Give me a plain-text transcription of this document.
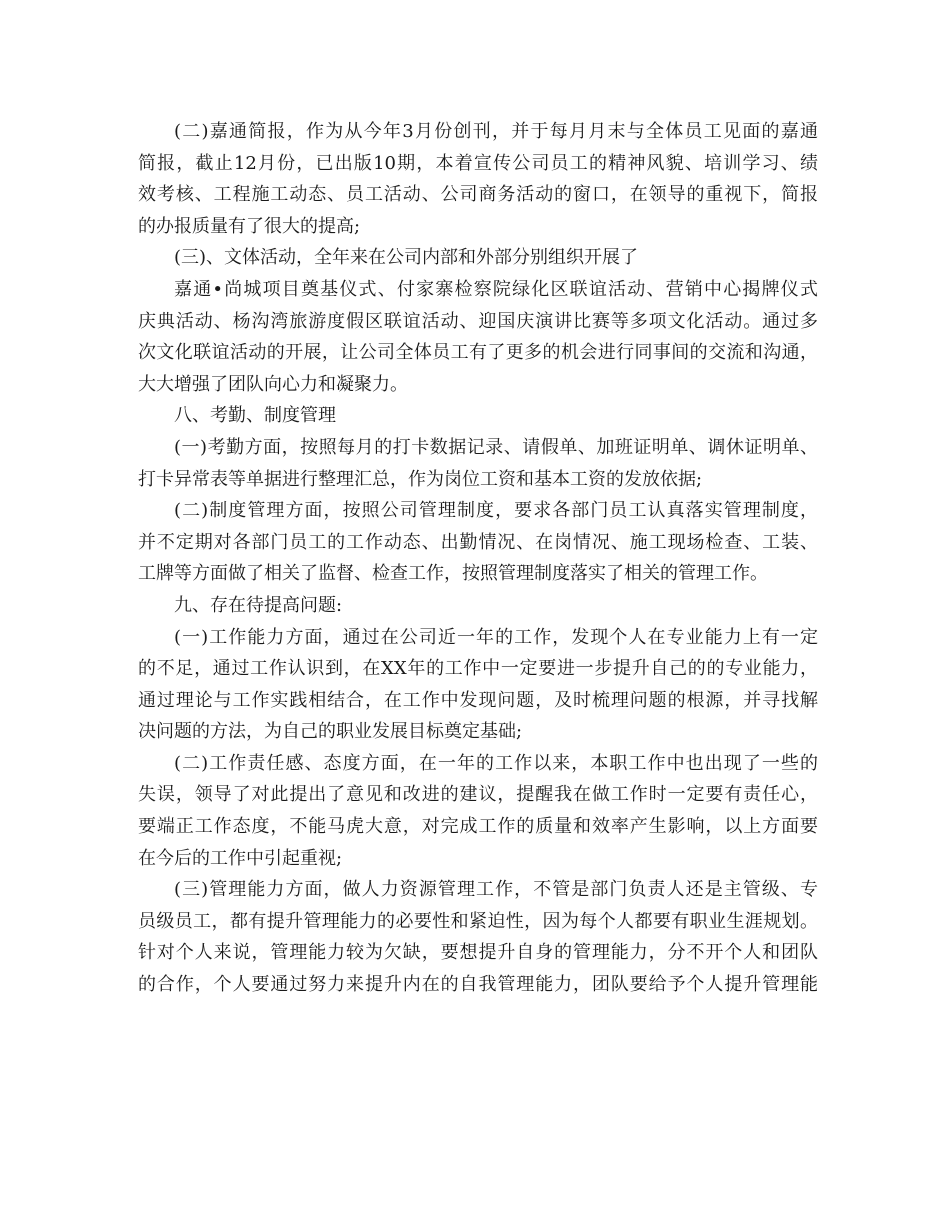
(二)嘉通简报，作为从今年3月份创刊，并于每月月末与全体员工见面的嘉通
简报，截止12月份，已出版10期，本着宣传公司员工的精神风貌、培训学习、绩
效考核、工程施工动态、员工活动、公司商务活动的窗口，在领导的重视下，简报
的办报质量有了很大的提高;
(三)、文体活动，全年来在公司内部和外部分别组织开展了
嘉通•尚城项目奠基仪式、付家寨检察院绿化区联谊活动、营销中心揭牌仪式
庆典活动、杨沟湾旅游度假区联谊活动、迎国庆演讲比赛等多项文化活动。通过多
次文化联谊活动的开展，让公司全体员工有了更多的机会进行同事间的交流和沟通，
大大增强了团队向心力和凝聚力。
八、考勤、制度管理
(一)考勤方面，按照每月的打卡数据记录、请假单、加班证明单、调休证明单、
打卡异常表等单据进行整理汇总，作为岗位工资和基本工资的发放依据;
(二)制度管理方面，按照公司管理制度，要求各部门员工认真落实管理制度，
并不定期对各部门员工的工作动态、出勤情况、在岗情况、施工现场检查、工装、
工牌等方面做了相关了监督、检查工作，按照管理制度落实了相关的管理工作。
九、存在待提高问题:
(一)工作能力方面，通过在公司近一年的工作，发现个人在专业能力上有一定
的不足，通过工作认识到，在XX年的工作中一定要进一步提升自己的的专业能力，
通过理论与工作实践相结合，在工作中发现问题，及时梳理问题的根源，并寻找解
决问题的方法，为自己的职业发展目标奠定基础;
(二)工作责任感、态度方面，在一年的工作以来，本职工作中也出现了一些的
失误，领导了对此提出了意见和改进的建议，提醒我在做工作时一定要有责任心，
要端正工作态度，不能马虎大意，对完成工作的质量和效率产生影响，以上方面要
在今后的工作中引起重视;
(三)管理能力方面，做人力资源管理工作，不管是部门负责人还是主管级、专
员级员工，都有提升管理能力的必要性和紧迫性，因为每个人都要有职业生涯规划。
针对个人来说，管理能力较为欠缺，要想提升自身的管理能力，分不开个人和团队
的合作，个人要通过努力来提升内在的自我管理能力，团队要给予个人提升管理能
